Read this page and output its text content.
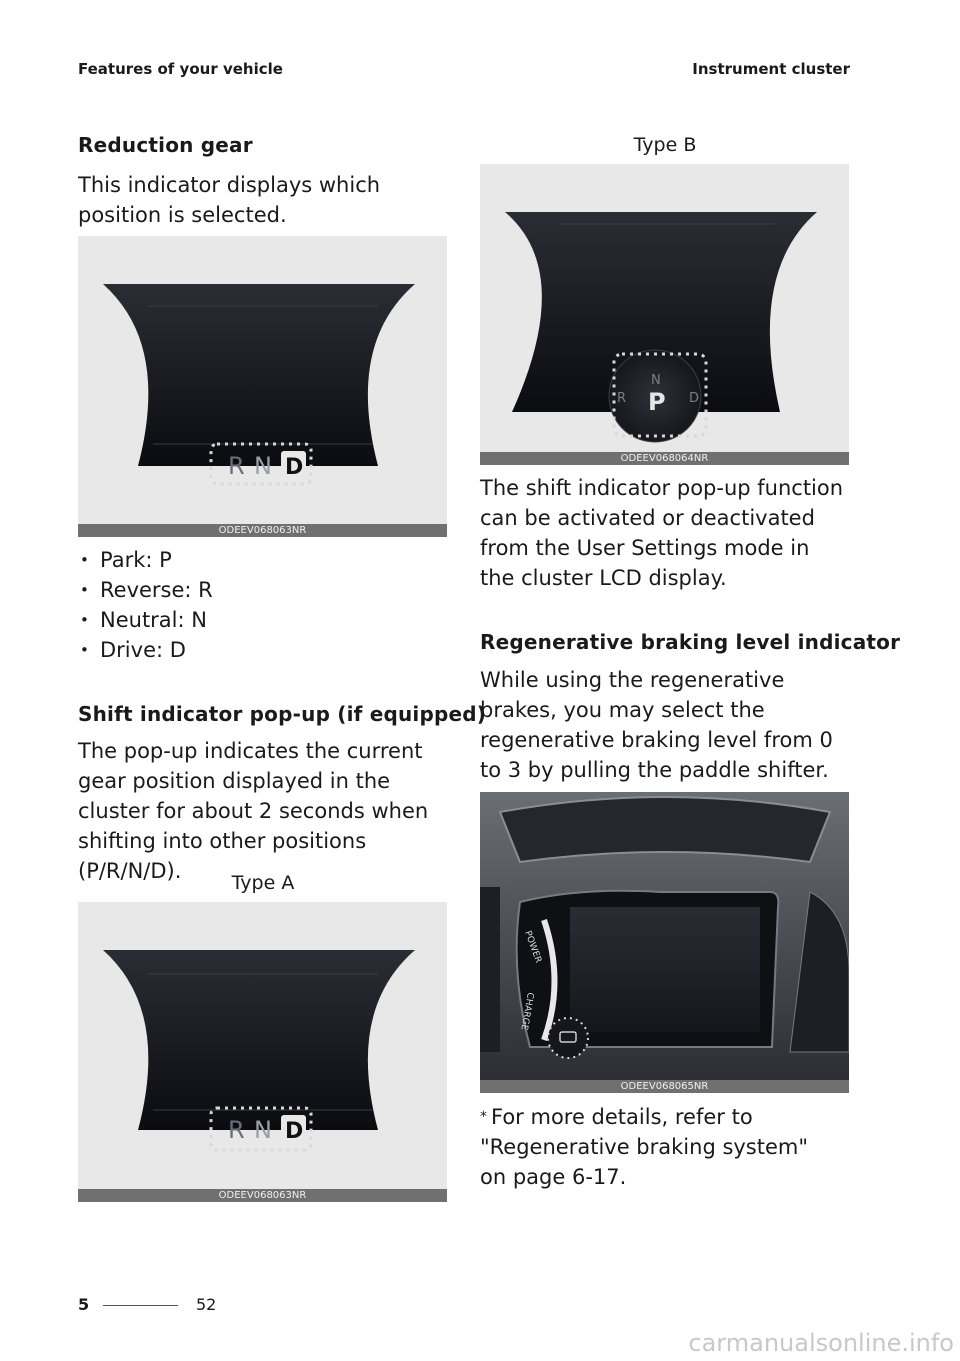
Features of your vehicle	Instrument cluster
Reduction gear
This indicator displays which position is selected.
R N D
ODEEV068063NR
• Park: P
• Reverse: R
• Neutral: N
• Drive: D
Shift indicator pop-up (if equipped)
The pop-up indicates the current gear position displayed in the cluster for about 2 seconds when shifting into other positions (P/R/N/D).	Type A
R N D
ODEEV068063NR
Type B
N
R	D
P
ODEEV068064NR
The shift indicator pop-up function can be activated or deactivated from the User Settings mode in the cluster LCD display.
Regenerative braking level indicator
While using the regenerative brakes, you may select the regenerative braking level from 0 to 3 by pulling the paddle shifter.
POWER
CHARGE
ODEEV068065NR
* For more details, refer to "Regenerative braking system" on page 6-17.
5	52
carmanualsonline.info
